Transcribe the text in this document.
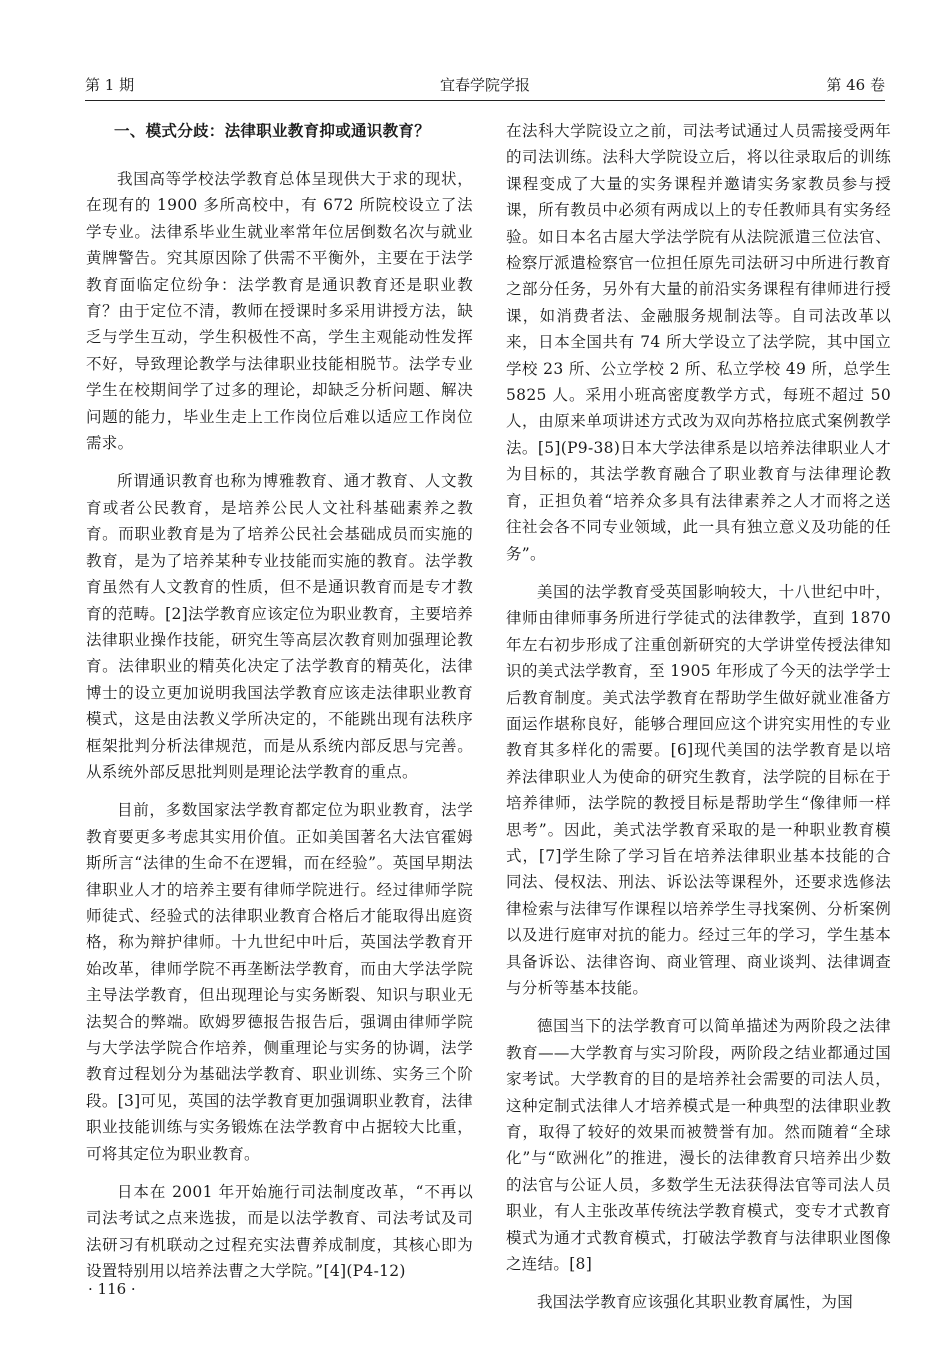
第 1 期	宜春学院学报	第 46 卷
一、模式分歧：法律职业教育抑或通识教育？

我国高等学校法学教育总体呈现供大于求的现状，在现有的 1900 多所高校中，有 672 所院校设立了法学专业。法律系毕业生就业率常年位居倒数名次与就业黄牌警告。究其原因除了供需不平衡外，主要在于法学教育面临定位纷争：法学教育是通识教育还是职业教育？由于定位不清，教师在授课时多采用讲授方法，缺乏与学生互动，学生积极性不高，学生主观能动性发挥不好，导致理论教学与法律职业技能相脱节。法学专业学生在校期间学了过多的理论，却缺乏分析问题、解决问题的能力，毕业生走上工作岗位后难以适应工作岗位需求。

所谓通识教育也称为博雅教育、通才教育、人文教育或者公民教育，是培养公民人文社科基础素养之教育。而职业教育是为了培养公民社会基础成员而实施的教育，是为了培养某种专业技能而实施的教育。法学教育虽然有人文教育的性质，但不是通识教育而是专才教育的范畴。[2]法学教育应该定位为职业教育，主要培养法律职业操作技能，研究生等高层次教育则加强理论教育。法律职业的精英化决定了法学教育的精英化，法律博士的设立更加说明我国法学教育应该走法律职业教育模式，这是由法教义学所决定的，不能跳出现有法秩序框架批判分析法律规范，而是从系统内部反思与完善。从系统外部反思批判则是理论法学教育的重点。

目前，多数国家法学教育都定位为职业教育，法学教育要更多考虑其实用价值。正如美国著名大法官霍姆斯所言“法律的生命不在逻辑，而在经验”。英国早期法律职业人才的培养主要有律师学院进行。经过律师学院师徒式、经验式的法律职业教育合格后才能取得出庭资格，称为辩护律师。十九世纪中叶后，英国法学教育开始改革，律师学院不再垄断法学教育，而由大学法学院主导法学教育，但出现理论与实务断裂、知识与职业无法契合的弊端。欧姆罗德报告报告后，强调由律师学院与大学法学院合作培养，侧重理论与实务的协调，法学教育过程划分为基础法学教育、职业训练、实务三个阶段。[3]可见，英国的法学教育更加强调职业教育，法律职业技能训练与实务锻炼在法学教育中占据较大比重，可将其定位为职业教育。

日本在 2001 年开始施行司法制度改革，“不再以司法考试之点来选拔，而是以法学教育、司法考试及司法研习有机联动之过程充实法曹养成制度，其核心即为设置特别用以培养法曹之大学院。”[4](P4-12)

在法科大学院设立之前，司法考试通过人员需接受两年的司法训练。法科大学院设立后，将以往录取后的训练课程变成了大量的实务课程并邀请实务家教员参与授课，所有教员中必须有两成以上的专任教师具有实务经验。如日本名古屋大学法学院有从法院派遣三位法官、检察厅派遣检察官一位担任原先司法研习中所进行教育之部分任务，另外有大量的前沿实务课程有律师进行授课，如消费者法、金融服务规制法等。自司法改革以来，日本全国共有 74 所大学设立了法学院，其中国立学校 23 所、公立学校 2 所、私立学校 49 所，总学生 5825 人。采用小班高密度教学方式，每班不超过 50 人，由原来单项讲述方式改为双向苏格拉底式案例教学法。[5](P9-38)日本大学法律系是以培养法律职业人才为目标的，其法学教育融合了职业教育与法律理论教育，正担负着“培养众多具有法律素养之人才而将之送往社会各不同专业领域，此一具有独立意义及功能的任务”。

美国的法学教育受英国影响较大，十八世纪中叶，律师由律师事务所进行学徒式的法律教学，直到 1870 年左右初步形成了注重创新研究的大学讲堂传授法律知识的美式法学教育，至 1905 年形成了今天的法学学士后教育制度。美式法学教育在帮助学生做好就业准备方面运作堪称良好，能够合理回应这个讲究实用性的专业教育其多样化的需要。[6]现代美国的法学教育是以培养法律职业人为使命的研究生教育，法学院的目标在于培养律师，法学院的教授目标是帮助学生“像律师一样思考”。因此，美式法学教育采取的是一种职业教育模式，[7]学生除了学习旨在培养法律职业基本技能的合同法、侵权法、刑法、诉讼法等课程外，还要求选修法律检索与法律写作课程以培养学生寻找案例、分析案例以及进行庭审对抗的能力。经过三年的学习，学生基本具备诉讼、法律咨询、商业管理、商业谈判、法律调查与分析等基本技能。

德国当下的法学教育可以简单描述为两阶段之法律教育——大学教育与实习阶段，两阶段之结业都通过国家考试。大学教育的目的是培养社会需要的司法人员，这种定制式法律人才培养模式是一种典型的法律职业教育，取得了较好的效果而被赞誉有加。然而随着“全球化”与“欧洲化”的推进，漫长的法律教育只培养出少数的法官与公证人员，多数学生无法获得法官等司法人员职业，有人主张改革传统法学教育模式，变专才式教育模式为通才式教育模式，打破法学教育与法律职业图像之连结。[8]

我国法学教育应该强化其职业教育属性，为国

· 116 ·
